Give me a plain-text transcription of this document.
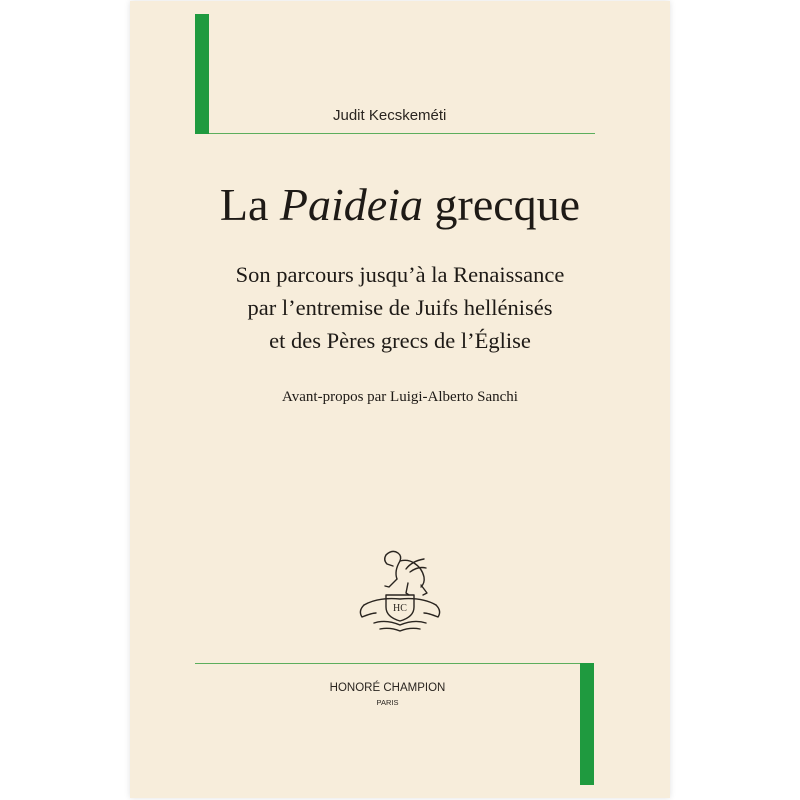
Judit Kecskeméti
La Paideia grecque
Son parcours jusqu’à la Renaissance
par l’entremise de Juifs hellénisés
et des Pères grecs de l’Église
Avant-propos par Luigi-Alberto Sanchi
HC
HONORÉ CHAMPION
PARIS
